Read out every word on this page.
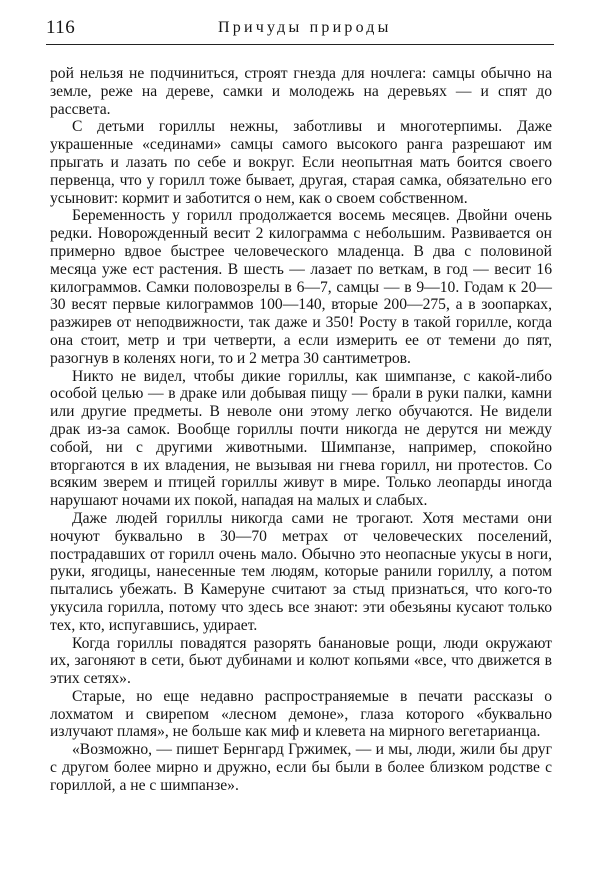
116	Причуды природы

рой нельзя не подчиниться, строят гнезда для ночлега: самцы обычно на земле, реже на дереве, самки и молодежь на деревьях — и спят до рассвета.

С детьми гориллы нежны, заботливы и многотерпимы. Даже украшенные «сединами» самцы самого высокого ранга разрешают им прыгать и лазать по себе и вокруг. Если неопытная мать боится своего первенца, что у горилл тоже бывает, другая, старая самка, обязательно его усыновит: кормит и заботится о нем, как о своем собственном.

Беременность у горилл продолжается восемь месяцев. Двойни очень редки. Новорожденный весит 2 килограмма с небольшим. Развивается он примерно вдвое быстрее человеческого младенца. В два с половиной месяца уже ест растения. В шесть — лазает по веткам, в год — весит 16 килограммов. Самки половозрелы в 6—7, самцы — в 9—10. Годам к 20—30 весят первые килограммов 100—140, вторые 200—275, а в зоопарках, разжирев от неподвижности, так даже и 350! Росту в такой горилле, когда она стоит, метр и три четверти, а если измерить ее от темени до пят, разогнув в коленях ноги, то и 2 метра 30 сантиметров.

Никто не видел, чтобы дикие гориллы, как шимпанзе, с какой-либо особой целью — в драке или добывая пищу — брали в руки палки, камни или другие предметы. В неволе они этому легко обучаются. Не видели драк из-за самок. Вообще гориллы почти никогда не дерутся ни между собой, ни с другими животными. Шимпанзе, например, спокойно вторгаются в их владения, не вызывая ни гнева горилл, ни протестов. Со всяким зверем и птицей гориллы живут в мире. Только леопарды иногда нарушают ночами их покой, нападая на малых и слабых.

Даже людей гориллы никогда сами не трогают. Хотя местами они ночуют буквально в 30—70 метрах от человеческих поселений, пострадавших от горилл очень мало. Обычно это неопасные укусы в ноги, руки, ягодицы, нанесенные тем людям, которые ранили гориллу, а потом пытались убежать. В Камеруне считают за стыд признаться, что кого-то укусила горилла, потому что здесь все знают: эти обезьяны кусают только тех, кто, испугавшись, удирает.

Когда гориллы повадятся разорять банановые рощи, люди окружают их, загоняют в сети, бьют дубинами и колют копьями «все, что движется в этих сетях».

Старые, но еще недавно распространяемые в печати рассказы о лохматом и свирепом «лесном демоне», глаза которого «буквально излучают пламя», не больше как миф и клевета на мирного вегетарианца.

«Возможно, — пишет Бернгард Гржимек, — и мы, люди, жили бы друг с другом более мирно и дружно, если бы были в более близком родстве с гориллой, а не с шимпанзе».
